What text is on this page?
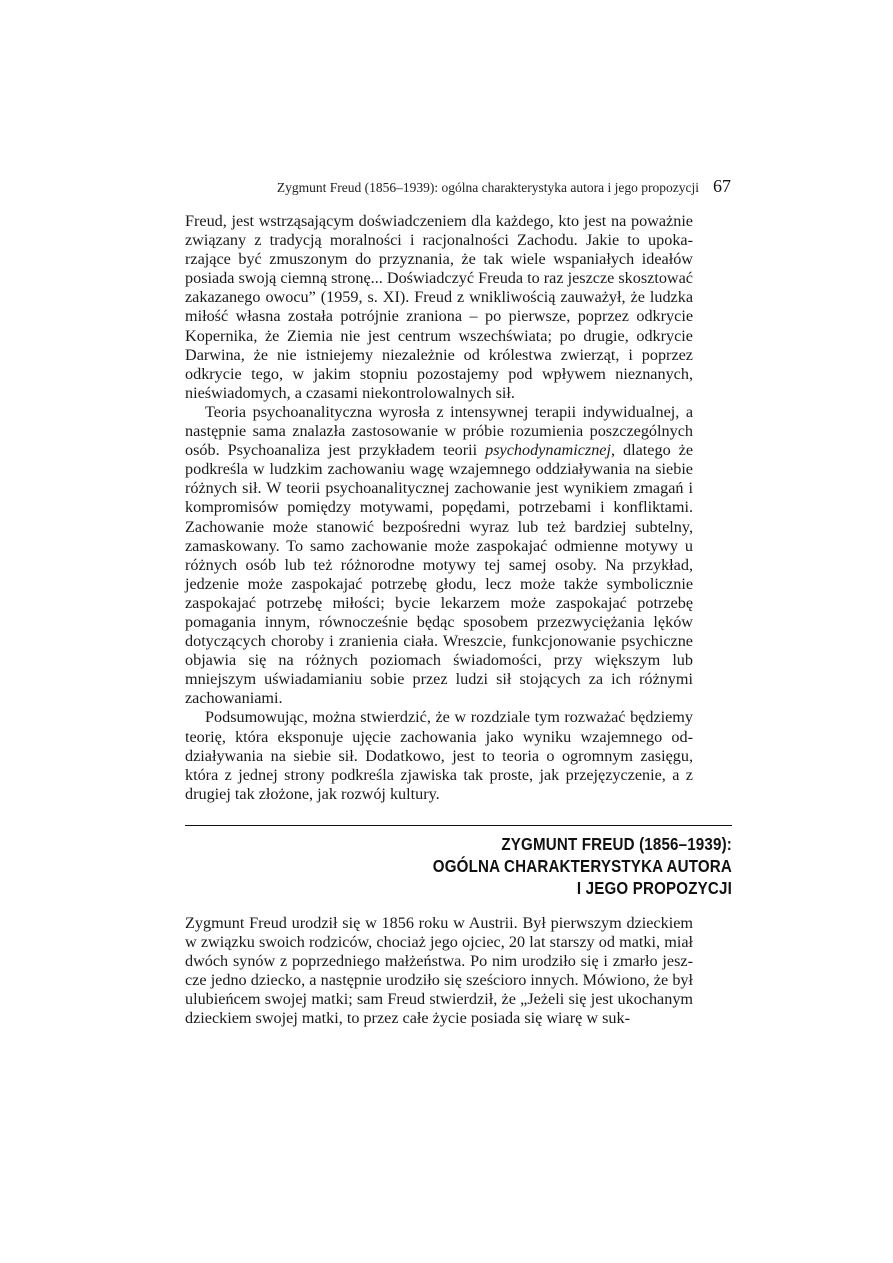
Zygmunt Freud (1856–1939): ogólna charakterystyka autora i jego propozycji 67

Freud, jest wstrząsającym doświadczeniem dla każdego, kto jest na poważnie związany z tradycją moralności i racjonalności Zachodu. Jakie to upokarzające być zmuszonym do przyznania, że tak wiele wspaniałych ideałów posiada swoją ciemną stronę... Doświadczyć Freuda to raz jeszcze skosztować zakazanego owocu” (1959, s. XI). Freud z wnikliwością zauważył, że ludzka miłość własna została potrójnie zraniona – po pierwsze, poprzez odkrycie Kopernika, że Ziemia nie jest centrum wszechświata; po drugie, odkrycie Darwina, że nie istniejemy niezależnie od królestwa zwierząt, i poprzez odkrycie tego, w jakim stopniu pozostajemy pod wpływem nieznanych, nieświadomych, a czasami niekontrolowalnych sił.

Teoria psychoanalityczna wyrosła z intensywnej terapii indywidualnej, a następnie sama znalazła zastosowanie w próbie rozumienia poszczególnych osób. Psychoanaliza jest przykładem teorii psychodynamicznej, dlatego że podkreśla w ludzkim zachowaniu wagę wzajemnego oddziaływania na siebie różnych sił. W teorii psychoanalitycznej zachowanie jest wynikiem zmagań i kompromisów pomiędzy motywami, popędami, potrzebami i konfliktami. Zachowanie może stanowić bezpośredni wyraz lub też bardziej subtelny, zamaskowany. To samo zachowanie może zaspokajać odmienne motywy u różnych osób lub też różnorodne motywy tej samej osoby. Na przykład, jedzenie może zaspokajać potrzebę głodu, lecz może także symbolicznie zaspokajać potrzebę miłości; bycie lekarzem może zaspokajać potrzebę pomagania innym, równocześnie będąc sposobem przezwyciężania lęków dotyczących choroby i zranienia ciała. Wreszcie, funkcjonowanie psychiczne objawia się na różnych poziomach świadomości, przy większym lub mniejszym uświadamianiu sobie przez ludzi sił stojących za ich różnymi zachowaniami.

Podsumowując, można stwierdzić, że w rozdziale tym rozważać będziemy teorię, która eksponuje ujęcie zachowania jako wyniku wzajemnego oddziaływania na siebie sił. Dodatkowo, jest to teoria o ogromnym zasięgu, która z jednej strony podkreśla zjawiska tak proste, jak przejęzyczenie, a z drugiej tak złożone, jak rozwój kultury.

ZYGMUNT FREUD (1856–1939):
OGÓLNA CHARAKTERYSTYKA AUTORA
I JEGO PROPOZYCJI

Zygmunt Freud urodził się w 1856 roku w Austrii. Był pierwszym dzieckiem w związku swoich rodziców, chociaż jego ojciec, 20 lat starszy od matki, miał dwóch synów z poprzedniego małżeństwa. Po nim urodziło się i zmarło jeszcze jedno dziecko, a następnie urodziło się sześcioro innych. Mówiono, że był ulubieńcem swojej matki; sam Freud stwierdził, że „Jeżeli się jest ukochanym dzieckiem swojej matki, to przez całe życie posiada się wiarę w suk-
